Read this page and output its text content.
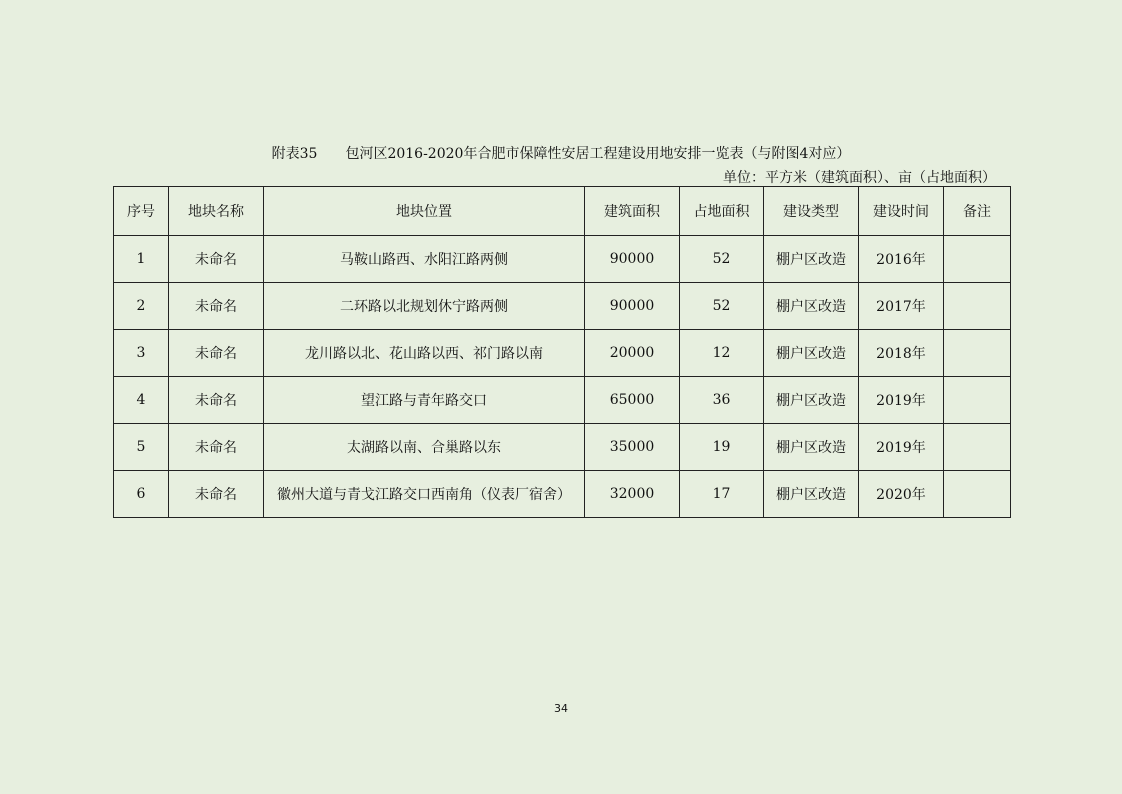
附表35 包河区2016-2020年合肥市保障性安居工程建设用地安排一览表（与附图4对应）
单位：平方米（建筑面积）、亩（占地面积）
序号	地块名称	地块位置	建筑面积	占地面积	建设类型	建设时间	备注
1	未命名	马鞍山路西、水阳江路两侧	90000	52	棚户区改造	2016年	
2	未命名	二环路以北规划休宁路两侧	90000	52	棚户区改造	2017年	
3	未命名	龙川路以北、花山路以西、祁门路以南	20000	12	棚户区改造	2018年	
4	未命名	望江路与青年路交口	65000	36	棚户区改造	2019年	
5	未命名	太湖路以南、合巢路以东	35000	19	棚户区改造	2019年	
6	未命名	徽州大道与青戈江路交口西南角（仪表厂宿舍）	32000	17	棚户区改造	2020年	
34
